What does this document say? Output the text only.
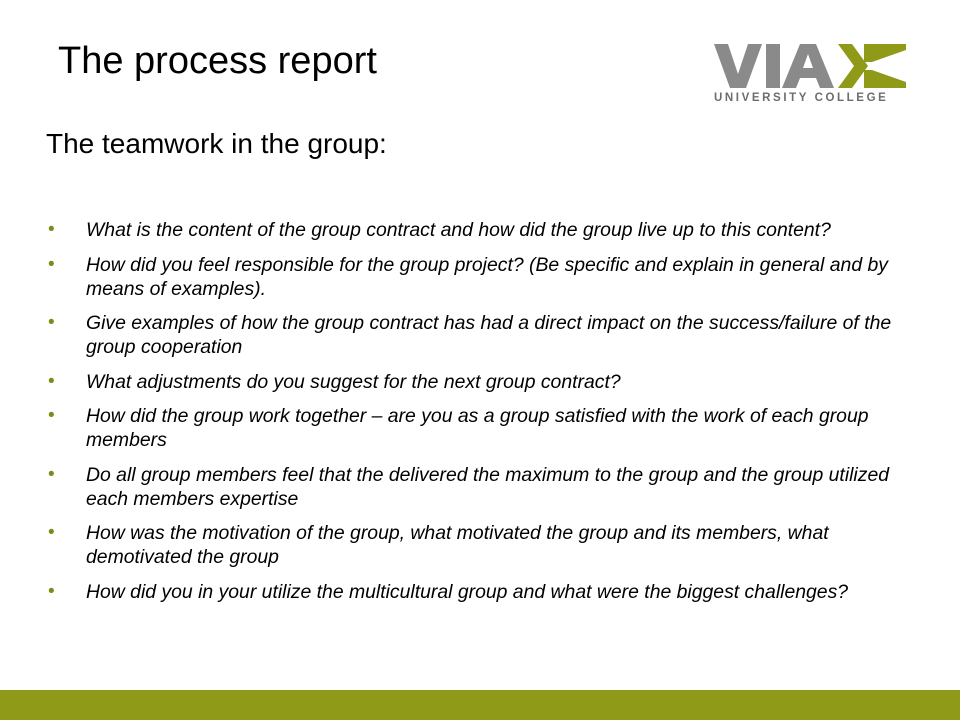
The process report
UNIVERSITY COLLEGE
The teamwork in the group:
• What is the content of the group contract and how did the group live up to this content?
• How did you feel responsible for the group project? (Be specific and explain in general and by means of examples).
• Give examples of how the group contract has had a direct impact on the success/failure of the group cooperation
• What adjustments do you suggest for the next group contract?
• How did the group work together – are you as a group satisfied with the work of each group members
• Do all group members feel that the delivered the maximum to the group and the group utilized each members expertise
• How was the motivation of the group, what motivated the group and its members, what demotivated the group
• How did you in your utilize the multicultural group and what were the biggest challenges?
